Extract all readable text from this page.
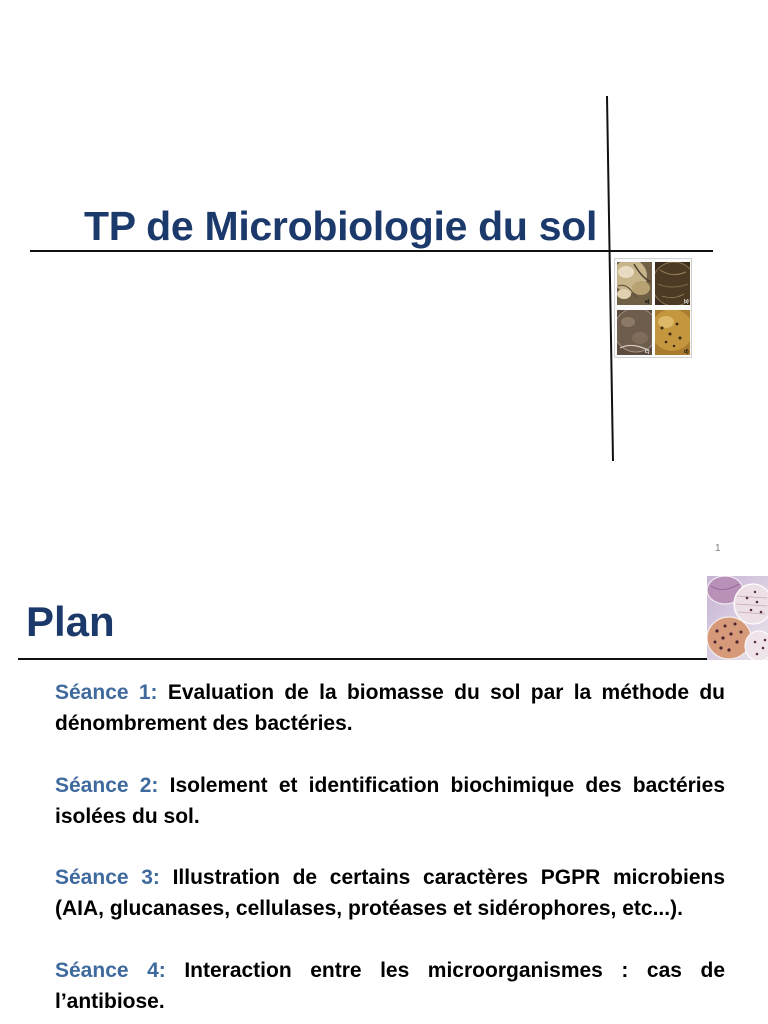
TP de Microbiologie du sol
a)	b)
c)	d)
1
Plan
Séance 1: Evaluation de la biomasse du sol par la méthode du dénombrement des bactéries.
Séance 2: Isolement et identification biochimique des bactéries isolées du sol.
Séance 3: Illustration de certains caractères PGPR microbiens (AIA, glucanases, cellulases, protéases et sidérophores, etc...).
Séance 4: Interaction entre les microorganismes : cas de l’antibiose.
